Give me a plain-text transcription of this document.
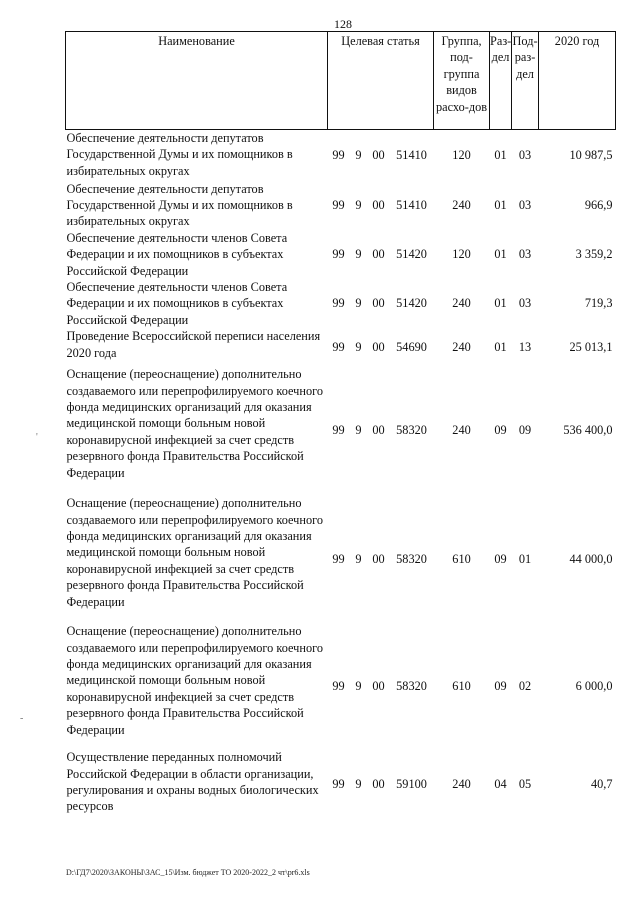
128
Наименование	Целевая статья				Группа, под-группа видов расхо-дов	Раз-дел	Под-раз-дел	2020 год
Обеспечение деятельности депутатов Государственной Думы и их помощников в избирательных округах	99	9	00	51410	120	01	03	10 987,5
Обеспечение деятельности депутатов Государственной Думы и их помощников в избирательных округах	99	9	00	51410	240	01	03	966,9
Обеспечение деятельности членов Совета Федерации и их помощников в субъектах Российской Федерации	99	9	00	51420	120	01	03	3 359,2
Обеспечение деятельности членов Совета Федерации и их помощников в субъектах Российской Федерации	99	9	00	51420	240	01	03	719,3
Проведение Всероссийской переписи населения 2020 года	99	9	00	54690	240	01	13	25 013,1
Оснащение (переоснащение) дополнительно создаваемого или перепрофилируемого коечного фонда медицинских организаций для оказания медицинской помощи больным новой коронавирусной инфекцией за счет средств резервного фонда Правительства Российской Федерации	99	9	00	58320	240	09	09	536 400,0
Оснащение (переоснащение) дополнительно создаваемого или перепрофилируемого коечного фонда медицинских организаций для оказания медицинской помощи больным новой коронавирусной инфекцией за счет средств резервного фонда Правительства Российской Федерации	99	9	00	58320	610	09	01	44 000,0
Оснащение (переоснащение) дополнительно создаваемого или перепрофилируемого коечного фонда медицинских организаций для оказания медицинской помощи больным новой коронавирусной инфекцией за счет средств резервного фонда Правительства Российской Федерации	99	9	00	58320	610	09	02	6 000,0
Осуществление переданных полномочий Российской Федерации в области организации, регулирования и охраны водных биологических ресурсов	99	9	00	59100	240	04	05	40,7
'
-
D:\ГД7\2020\ЗАКОНЫ\ЗАС_15\Изм. бюджет ТО 2020-2022_2 чт\pr6.xls
